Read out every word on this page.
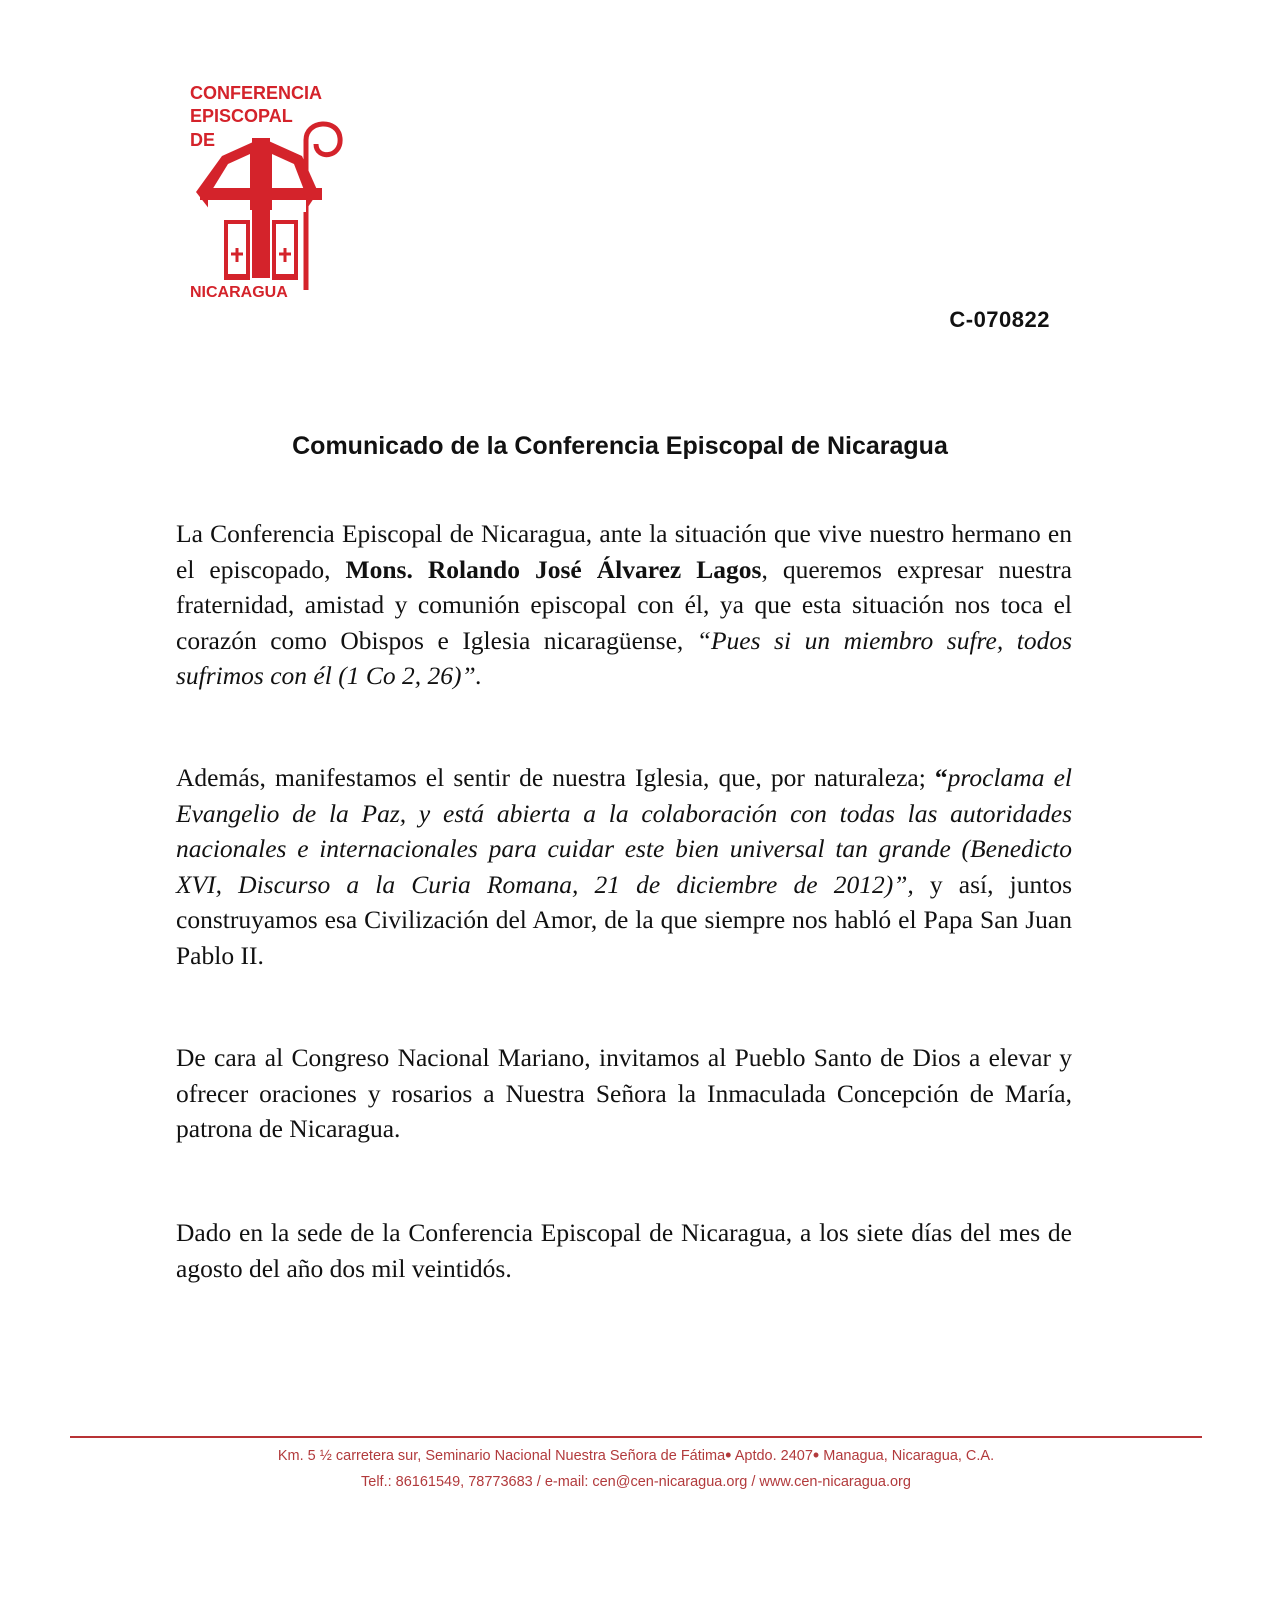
CONFERENCIA
EPISCOPAL
DE
NICARAGUA
C-070822
Comunicado de la Conferencia Episcopal de Nicaragua
La Conferencia Episcopal de Nicaragua, ante la situación que vive nuestro hermano en el episcopado, Mons. Rolando José Álvarez Lagos, queremos expresar nuestra fraternidad, amistad y comunión episcopal con él, ya que esta situación nos toca el corazón como Obispos e Iglesia nicaragüense, “Pues si un miembro sufre, todos sufrimos con él (1 Co 2, 26)”.
Además, manifestamos el sentir de nuestra Iglesia, que, por naturaleza; “proclama el Evangelio de la Paz, y está abierta a la colaboración con todas las autoridades nacionales e internacionales para cuidar este bien universal tan grande (Benedicto XVI, Discurso a la Curia Romana, 21 de diciembre de 2012)”, y así, juntos construyamos esa Civilización del Amor, de la que siempre nos habló el Papa San Juan Pablo II.
De cara al Congreso Nacional Mariano, invitamos al Pueblo Santo de Dios a elevar y ofrecer oraciones y rosarios a Nuestra Señora la Inmaculada Concepción de María, patrona de Nicaragua.
Dado en la sede de la Conferencia Episcopal de Nicaragua, a los siete días del mes de agosto del año dos mil veintidós.
Km. 5 ½ carretera sur, Seminario Nacional Nuestra Señora de Fátima• Aptdo. 2407• Managua, Nicaragua, C.A.
Telf.: 86161549, 78773683 / e-mail: cen@cen-nicaragua.org / www.cen-nicaragua.org
